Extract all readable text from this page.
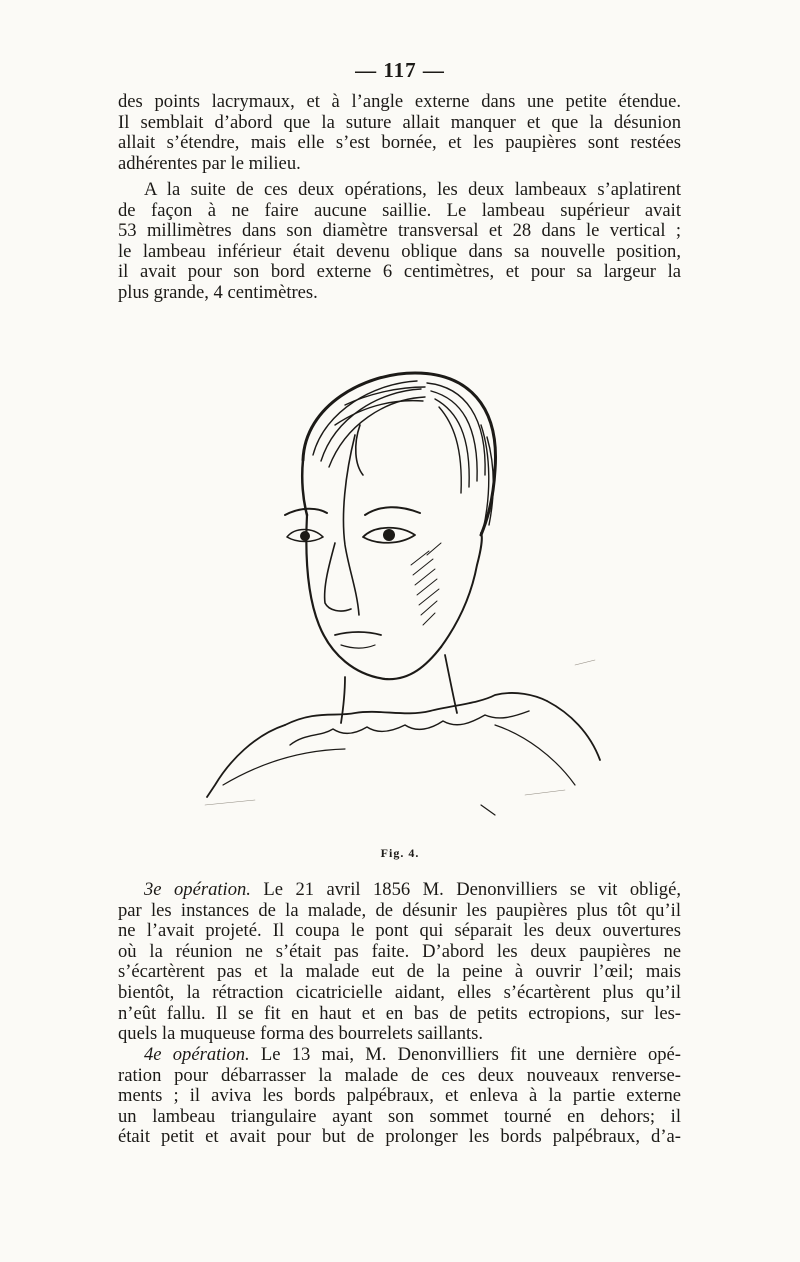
— 117 —
des points lacrymaux, et à l’angle externe dans une petite étendue.
Il semblait d’abord que la suture allait manquer et que la désunion
allait s’étendre, mais elle s’est bornée, et les paupières sont restées
adhérentes par le milieu.
A la suite de ces deux opérations, les deux lambeaux s’aplatirent
de façon à ne faire aucune saillie. Le lambeau supérieur avait
53 millimètres dans son diamètre transversal et 28 dans le vertical ;
le lambeau inférieur était devenu oblique dans sa nouvelle position,
il avait pour son bord externe 6 centimètres, et pour sa largeur la
plus grande, 4 centimètres.
Fig. 4.
3e opération. Le 21 avril 1856 M. Denonvilliers se vit obligé,
par les instances de la malade, de désunir les paupières plus tôt qu’il
ne l’avait projeté. Il coupa le pont qui séparait les deux ouvertures
où la réunion ne s’était pas faite. D’abord les deux paupières ne
s’écartèrent pas et la malade eut de la peine à ouvrir l’œil; mais
bientôt, la rétraction cicatricielle aidant, elles s’écartèrent plus qu’il
n’eût fallu. Il se fit en haut et en bas de petits ectropions, sur les-
quels la muqueuse forma des bourrelets saillants.
4e opération. Le 13 mai, M. Denonvilliers fit une dernière opé-
ration pour débarrasser la malade de ces deux nouveaux renverse-
ments ; il aviva les bords palpébraux, et enleva à la partie externe
un lambeau triangulaire ayant son sommet tourné en dehors; il
était petit et avait pour but de prolonger les bords palpébraux, d’a-
